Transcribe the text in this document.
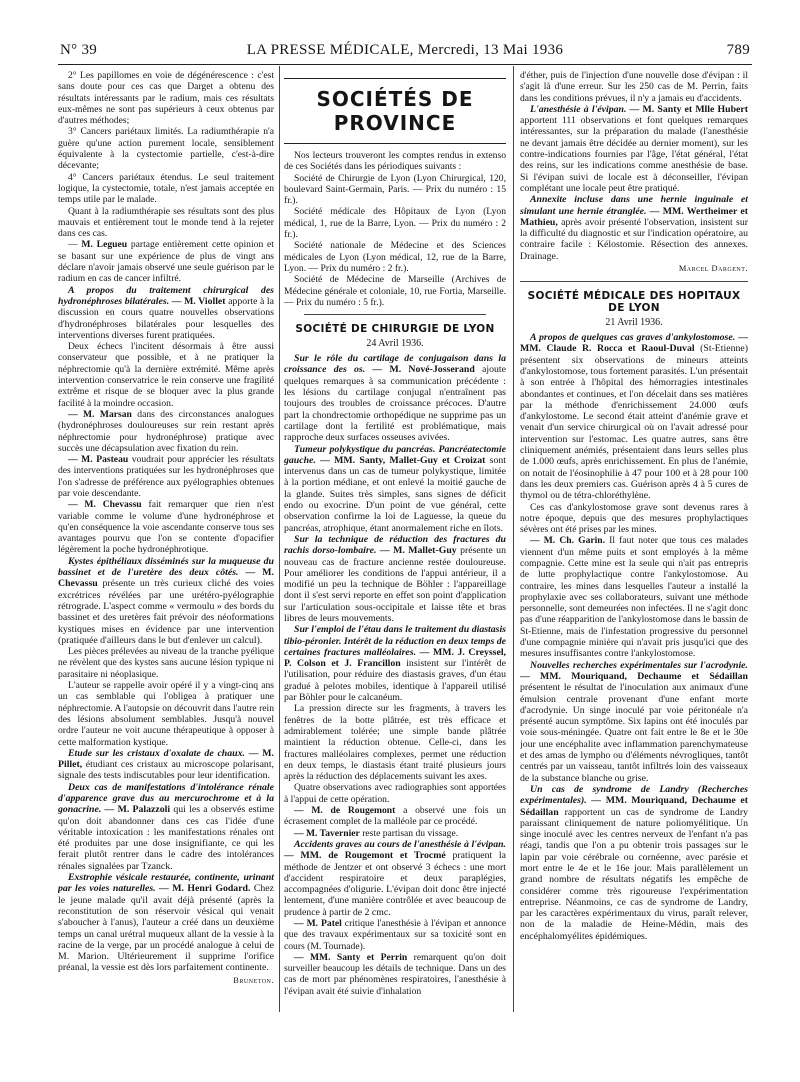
N° 39	LA PRESSE MÉDICALE, Mercredi, 13 Mai 1936	789

2° Les papillomes en voie de dégénérescence : c'est sans doute pour ces cas que Darget a obtenu des résultats intéressants par le radium, mais ces résultats eux-mêmes ne sont pas supérieurs à ceux obtenus par d'autres méthodes;

3° Cancers pariétaux limités. La radiumthérapie n'a guère qu'une action purement locale, sensiblement équivalente à la cystectomie partielle, c'est-à-dire décevante;

4° Cancers pariétaux étendus. Le seul traitement logique, la cystectomie, totale, n'est jamais acceptée en temps utile par le malade.

Quant à la radiumthérapie ses résultats sont des plus mauvais et entièrement tout le monde tend à la rejeter dans ces cas.

— M. Legueu partage entièrement cette opinion et se basant sur une expérience de plus de vingt ans déclare n'avoir jamais observé une seule guérison par le radium en cas de cancer infiltré.

A propos du traitement chirurgical des hydronéphroses bilatérales. — M. Viollet apporte à la discussion en cours quatre nouvelles observations d'hydronéphroses bilatérales pour lesquelles des interventions diverses furent pratiquées.

Deux échecs l'incitent désormais à être aussi conservateur que possible, et à ne pratiquer la néphrectomie qu'à la dernière extrémité. Même après intervention conservatrice le rein conserve une fragilité extrême et risque de se bloquer avec la plus grande facilité à la moindre occasion.

— M. Marsan dans des circonstances analogues (hydronéphroses douloureuses sur rein restant après néphrectomie pour hydronéphrose) pratique avec succès une décapsulation avec fixation du rein.

— M. Pasteau voudrait pour apprécier les résultats des interventions pratiquées sur les hydronéphroses que l'on s'adresse de préférence aux pyélographies obtenues par voie descendante.

— M. Chevassu fait remarquer que rien n'est variable comme le volume d'une hydronéphrose et qu'en conséquence la voie ascendante conserve tous ses avantages pourvu que l'on se contente d'opacifier légèrement la poche hydronéphrotique.

Kystes épithéliaux disséminés sur la muqueuse du bassinet et de l'uretère des deux côtés. — M. Chevassu présente un très curieux cliché des voies excrétrices révélées par une urétéro-pyélographie rétrograde. L'aspect comme « vermoulu » des bords du bassinet et des uretères fait prévoir des néoformations kystiques mises en évidence par une intervention (pratiquée d'ailleurs dans le but d'enlever un calcul).

Les pièces prélevées au niveau de la tranche pyélique ne révèlent que des kystes sans aucune lésion typique ni parasitaire ni néoplasique.

L'auteur se rappelle avoir opéré il y a vingt-cinq ans un cas semblable qui l'obligea à pratiquer une néphrectomie. A l'autopsie on découvrit dans l'autre rein des lésions absolument semblables. Jusqu'à nouvel ordre l'auteur ne voit aucune thérapeutique à opposer à cette malformation kystique.

Etude sur les cristaux d'oxalate de chaux. — M. Pillet, étudiant ces cristaux au microscope polarisant, signale des tests indiscutables pour leur identification.

Deux cas de manifestations d'intolérance rénale d'apparence grave dus au mercurochrome et à la gonacrine. — M. Palazzoli qui les a observés estime qu'on doit abandonner dans ces cas l'idée d'une véritable intoxication : les manifestations rénales ont été produites par une dose insignifiante, ce qui les ferait plutôt rentrer dans le cadre des intolérances rénales signalées par Tzanck.

Exstrophie vésicale restaurée, continente, urinant par les voies naturelles. — M. Henri Godard. Chez le jeune malade qu'il avait déjà présenté (après la reconstitution de son réservoir vésical qui venait s'aboucher à l'anus), l'auteur a créé dans un deuxième temps un canal urétral muqueux allant de la vessie à la racine de la verge, par un procédé analogue à celui de M. Marion. Ultérieurement il supprime l'orifice préanal, la vessie est dès lors parfaitement continente.

Bruneton.
SOCIÉTÉS DE PROVINCE

Nos lecteurs trouveront les comptes rendus in extenso de ces Sociétés dans les périodiques suivants :

Société de Chirurgie de Lyon (Lyon Chirurgical, 120, boulevard Saint-Germain, Paris. — Prix du numéro : 15 fr.).

Société médicale des Hôpitaux de Lyon (Lyon médical, 1, rue de la Barre, Lyon. — Prix du numéro : 2 fr.).

Société nationale de Médecine et des Sciences médicales de Lyon (Lyon médical, 12, rue de la Barre, Lyon. — Prix du numéro : 2 fr.).

Société de Médecine de Marseille (Archives de Médecine générale et coloniale, 10, rue Fortia, Marseille. — Prix du numéro : 5 fr.).

SOCIÉTÉ DE CHIRURGIE DE LYON
24 Avril 1936.

Sur le rôle du cartilage de conjugaison dans la croissance des os. — M. Nové-Josserand ajoute quelques remarques à sa communication précédente : les lésions du cartilage conjugal n'entraînent pas toujours des troubles de croissance précoces. D'autre part la chondrectomie orthopédique ne supprime pas un cartilage dont la fertilité est problématique, mais rapproche deux surfaces osseuses avivées.

Tumeur polykystique du pancréas. Pancréatectomie gauche. — MM. Santy, Mallet-Guy et Croizat sont intervenus dans un cas de tumeur polykystique, limitée à la portion médiane, et ont enlevé la moitié gauche de la glande. Suites très simples, sans signes de déficit endo ou exocrine. D'un point de vue général, cette observation confirme la loi de Laguesse, la queue du pancréas, atrophique, étant anormalement riche en îlots.

Sur la technique de réduction des fractures du rachis dorso-lombaire. — M. Mallet-Guy présente un nouveau cas de fracture ancienne restée douloureuse. Pour améliorer les conditions de l'appui antérieur, il a modifié un peu la technique de Böhler : l'appareillage dont il s'est servi reporte en effet son point d'application sur l'articulation sous-occipitale et laisse tête et bras libres de leurs mouvements.

Sur l'emploi de l'étau dans le traitement du diastasis tibio-péronier. Intérêt de la réduction en deux temps de certaines fractures malléolaires. — MM. J. Creyssel, P. Colson et J. Francillon insistent sur l'intérêt de l'utilisation, pour réduire des diastasis graves, d'un étau gradué à pelotes mobiles, identique à l'appareil utilisé par Böhler pour le calcanéum.

La pression directe sur les fragments, à travers les fenêtres de la botte plâtrée, est très efficace et admirablement tolérée; une simple bande plâtrée maintient la réduction obtenue. Celle-ci, dans les fractures malléolaires complexes, permet une réduction en deux temps, le diastasis étant traité plusieurs jours après la réduction des déplacements suivant les axes.

Quatre observations avec radiographies sont apportées à l'appui de cette opération.

— M. de Rougemont a observé une fois un écrasement complet de la malléole par ce procédé.

— M. Tavernier reste partisan du vissage.

Accidents graves au cours de l'anesthésie à l'évipan. — MM. de Rougemont et Trocmé pratiquent la méthode de Jentzer et ont observé 3 échecs : une mort d'accident respiratoire et deux paraplégies, accompagnées d'oligurie. L'évipan doit donc être injecté lentement, d'une manière contrôlée et avec beaucoup de prudence à partir de 2 cmc.

— M. Patel critique l'anesthésie à l'évipan et annonce que des travaux expérimentaux sur sa toxicité sont en cours (M. Tournade).

— MM. Santy et Perrin remarquent qu'on doit surveiller beaucoup les détails de technique. Dans un des cas de mort par phénomènes respiratoires, l'anesthésie à l'évipan avait été suivie d'inhalation

d'éther, puis de l'injection d'une nouvelle dose d'évipan : il s'agit là d'une erreur. Sur les 250 cas de M. Perrin, faits dans les conditions prévues, il n'y a jamais eu d'accidents.

L'anesthésie à l'évipan. — M. Santy et Mlle Hubert apportent 111 observations et font quelques remarques intéressantes, sur la préparation du malade (l'anesthésie ne devant jamais être décidée au dernier moment), sur les contre-indications fournies par l'âge, l'état général, l'état des reins, sur les indications comme anesthésie de base. Si l'évipan suivi de locale est à déconseiller, l'évipan complétant une locale peut être pratiqué.

Annexite incluse dans une hernie inguinale et simulant une hernie étranglée. — MM. Wertheimer et Mathieu, après avoir présenté l'observation, insistent sur la difficulté du diagnostic et sur l'indication opératoire, au contraire facile : Kélostomie. Résection des annexes. Drainage.

Marcel Dargent.
SOCIÉTÉ MÉDICALE DES HOPITAUX DE LYON
21 Avril 1936.

A propos de quelques cas graves d'ankylostomose. — MM. Claude R. Rocca et Raoul-Duval (St-Etienne) présentent six observations de mineurs atteints d'ankylostomose, tous fortement parasités. L'un présentait à son entrée à l'hôpital des hémorragies intestinales abondantes et continues, et l'on décelait dans ses matières par la méthode d'enrichissement 24.000 œufs d'ankylostome. Le second était atteint d'anémie grave et venait d'un service chirurgical où on l'avait adressé pour intervention sur l'estomac. Les quatre autres, sans être cliniquement anémiés, présentaient dans leurs selles plus de 1.000 œufs, après enrichissement. En plus de l'anémie, on notait de l'éosinophilie à 47 pour 100 et à 28 pour 100 dans les deux premiers cas. Guérison après 4 à 5 cures de thymol ou de tétra-chloréthylène.

Ces cas d'ankylostomose grave sont devenus rares à notre époque, depuis que des mesures prophylactiques sévères ont été prises par les mines.

— M. Ch. Garin. Il faut noter que tous ces malades viennent d'un même puits et sont employés à la même compagnie. Cette mine est la seule qui n'ait pas entrepris de lutte prophylactique contre l'ankylostomose. Au contraire, les mines dans lesquelles l'auteur a installé la prophylaxie avec ses collaborateurs, suivant une méthode personnelle, sont demeurées non infectées. Il ne s'agit donc pas d'une réapparition de l'ankylostomose dans le bassin de St-Etienne, mais de l'infestation progressive du personnel d'une compagnie minière qui n'avait pris jusqu'ici que des mesures insuffisantes contre l'ankylostomose.

Nouvelles recherches expérimentales sur l'acrodynie. — MM. Mouriquand, Dechaume et Sédaillan présentent le résultat de l'inoculation aux animaux d'une émulsion centrale provenant d'une enfant morte d'acrodynie. Un singe inoculé par voie péritonéale n'a présenté aucun symptôme. Six lapins ont été inoculés par voie sous-méningée. Quatre ont fait entre le 8e et le 30e jour une encéphalite avec inflammation parenchymateuse et des amas de lympho ou d'éléments névrogliques, tantôt centrés par un vaisseau, tantôt infiltrés loin des vaisseaux de la substance blanche ou grise.

Un cas de syndrome de Landry (Recherches expérimentales). — MM. Mouriquand, Dechaume et Sédaillan rapportent un cas de syndrome de Landry paraissant cliniquement de nature poliomyélitique. Un singe inoculé avec les centres nerveux de l'enfant n'a pas réagi, tandis que l'on a pu obtenir trois passages sur le lapin par voie cérébrale ou cornéenne, avec parésie et mort entre le 4e et le 16e jour. Mais parallèlement un grand nombre de résultats négatifs les empêche de considérer comme très rigoureuse l'expérimentation entreprise. Néanmoins, ce cas de syndrome de Landry, par les caractères expérimentaux du virus, paraît relever, non de la maladie de Heine-Médin, mais des encéphalomyélites épidémiques.
